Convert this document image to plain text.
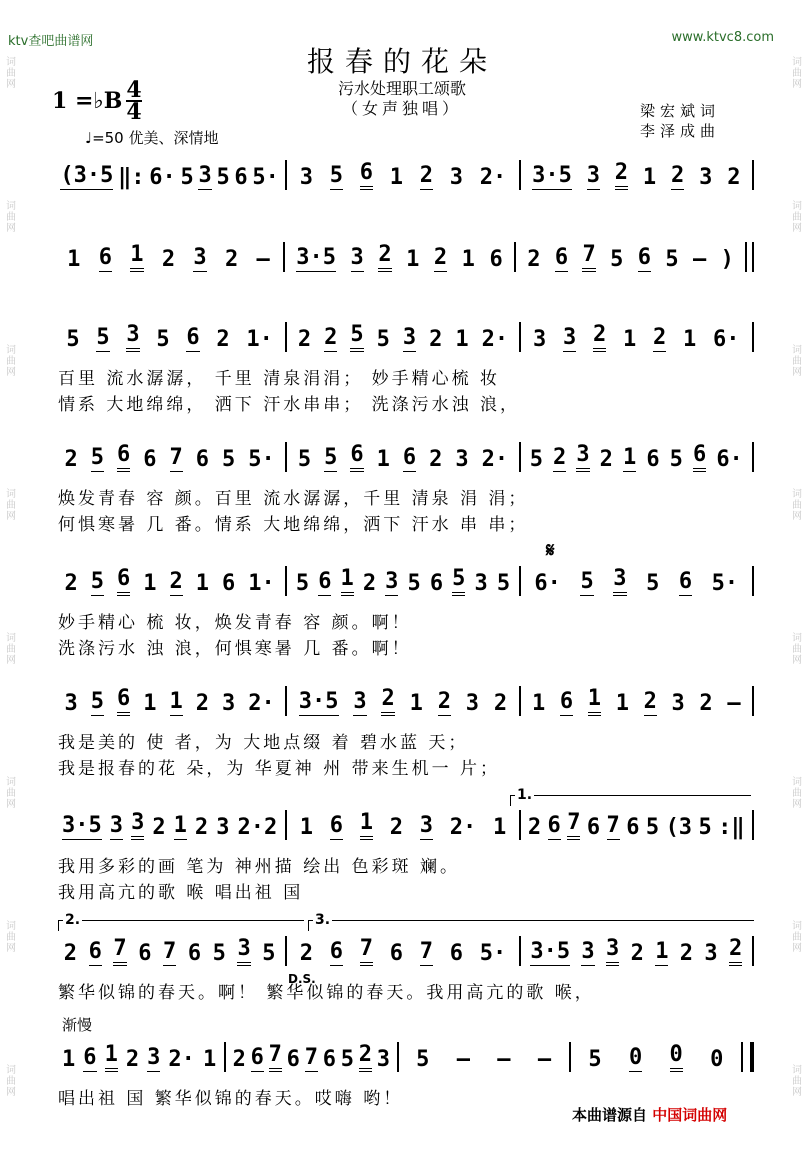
ktv查吧曲谱网	www.ktvc8.com
词曲网
词曲网
词曲网
词曲网
词曲网
词曲网
词曲网
词曲网
词曲网
词曲网
词曲网
词曲网
词曲网
词曲网
词曲网
词曲网
报春的花朵
污水处理职工颂歌
（女声独唱）	梁宏斌词
李泽成曲
1 =♭B 4
4
♩=50 优美、深情地
(3·5 ‖: 6· 5 3 5 6 5· 3 5 6 1 2 3 2· 3·5 3 2 1 2 3 2
1 6 1 2 3 2 – 3·5 3 2 1 2 1 6 2 6 7 5 6 5 – )
5 5 3 5 6 2 1· 2 2 5 5 3 2 1 2· 3 3 2 1 2 1 6·
百里 流水潺潺， 千里 清泉涓涓； 妙手精心梳 妆
情系 大地绵绵， 洒下 汗水串串； 洗涤污水浊 浪，
2 5 6 6 7 6 5 5· 5 5 6 1 6 2 3 2· 5 2 3 2 1 6 5 6 6·
焕发青春 容 颜。百里 流水潺潺，千里 清泉 涓 涓；
何惧寒暑 几 番。情系 大地绵绵，洒下 汗水 串 串；
2 5 6 1 2 1 6 1· 5 6 1 2 3 5 6 5 3 5 6· 5 3 5 6 5·
妙手精心 梳 妆，焕发青春 容 颜。啊！
洗涤污水 浊 浪，何惧寒暑 几 番。啊！
3 5 6 1 1 2 3 2· 3·5 3 2 1 2 3 2 1 6 1 1 2 3 2 –
我是美的 使 者，为 大地点缀 着 碧水蓝 天；
我是报春的花 朵，为 华夏神 州 带来生机一 片；
3·5 3 3 2 1 2 3 2·2 1 6 1 2 3 2· 1 2 6 7 6 7 6 5 (3 5 :‖
我用多彩的画 笔为 神州描 绘出 色彩斑 斓。
我用高亢的歌 喉 唱出祖 国
2 6 7 6 7 6 5 3 5 2 6 7 6 7 6 5· 3·5 3 3 2 1 2 3 2
繁华似锦的春天。啊！ 繁华似锦的春天。我用高亢的歌 喉，
1 6 1 2 3 2· 1 2 6 7 6 7 6 5 2 3 5 – – – 5 0 0 0
唱出祖 国 繁华似锦的春天。哎嗨 哟！
𝄋
1.
2.	3.
D.S.
渐慢
本曲谱源自 中国词曲网
